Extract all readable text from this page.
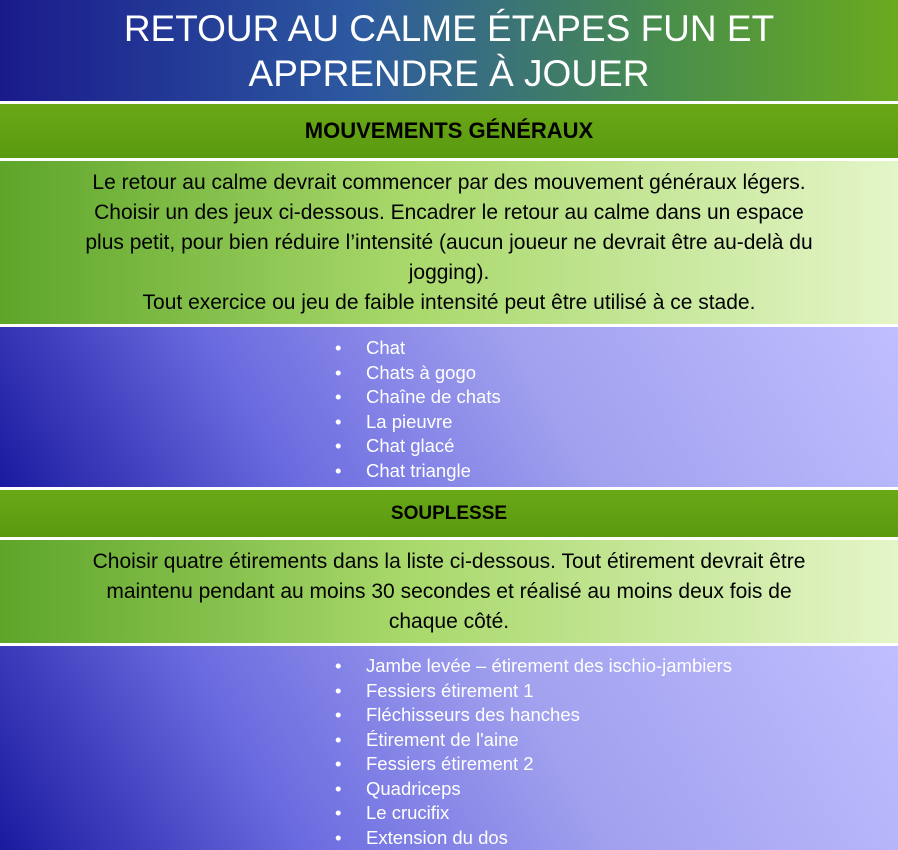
RETOUR AU CALME ÉTAPES FUN ET APPRENDRE À JOUER
MOUVEMENTS GÉNÉRAUX

Le retour au calme devrait commencer par des mouvement généraux légers.
Choisir un des jeux ci-dessous. Encadrer le retour au calme dans un espace
plus petit, pour bien réduire l’intensité (aucun joueur ne devrait être au-delà du
jogging).
Tout exercice ou jeu de faible intensité peut être utilisé à ce stade.

• Chat
• Chats à gogo
• Chaîne de chats
• La pieuvre
• Chat glacé
• Chat triangle
SOUPLESSE

Choisir quatre étirements dans la liste ci-dessous. Tout étirement devrait être
maintenu pendant au moins 30 secondes et réalisé au moins deux fois de
chaque côté.

• Jambe levée – étirement des ischio-jambiers
• Fessiers étirement 1
• Fléchisseurs des hanches
• Étirement de l'aine
• Fessiers étirement 2
• Quadriceps
• Le crucifix
• Extension du dos
